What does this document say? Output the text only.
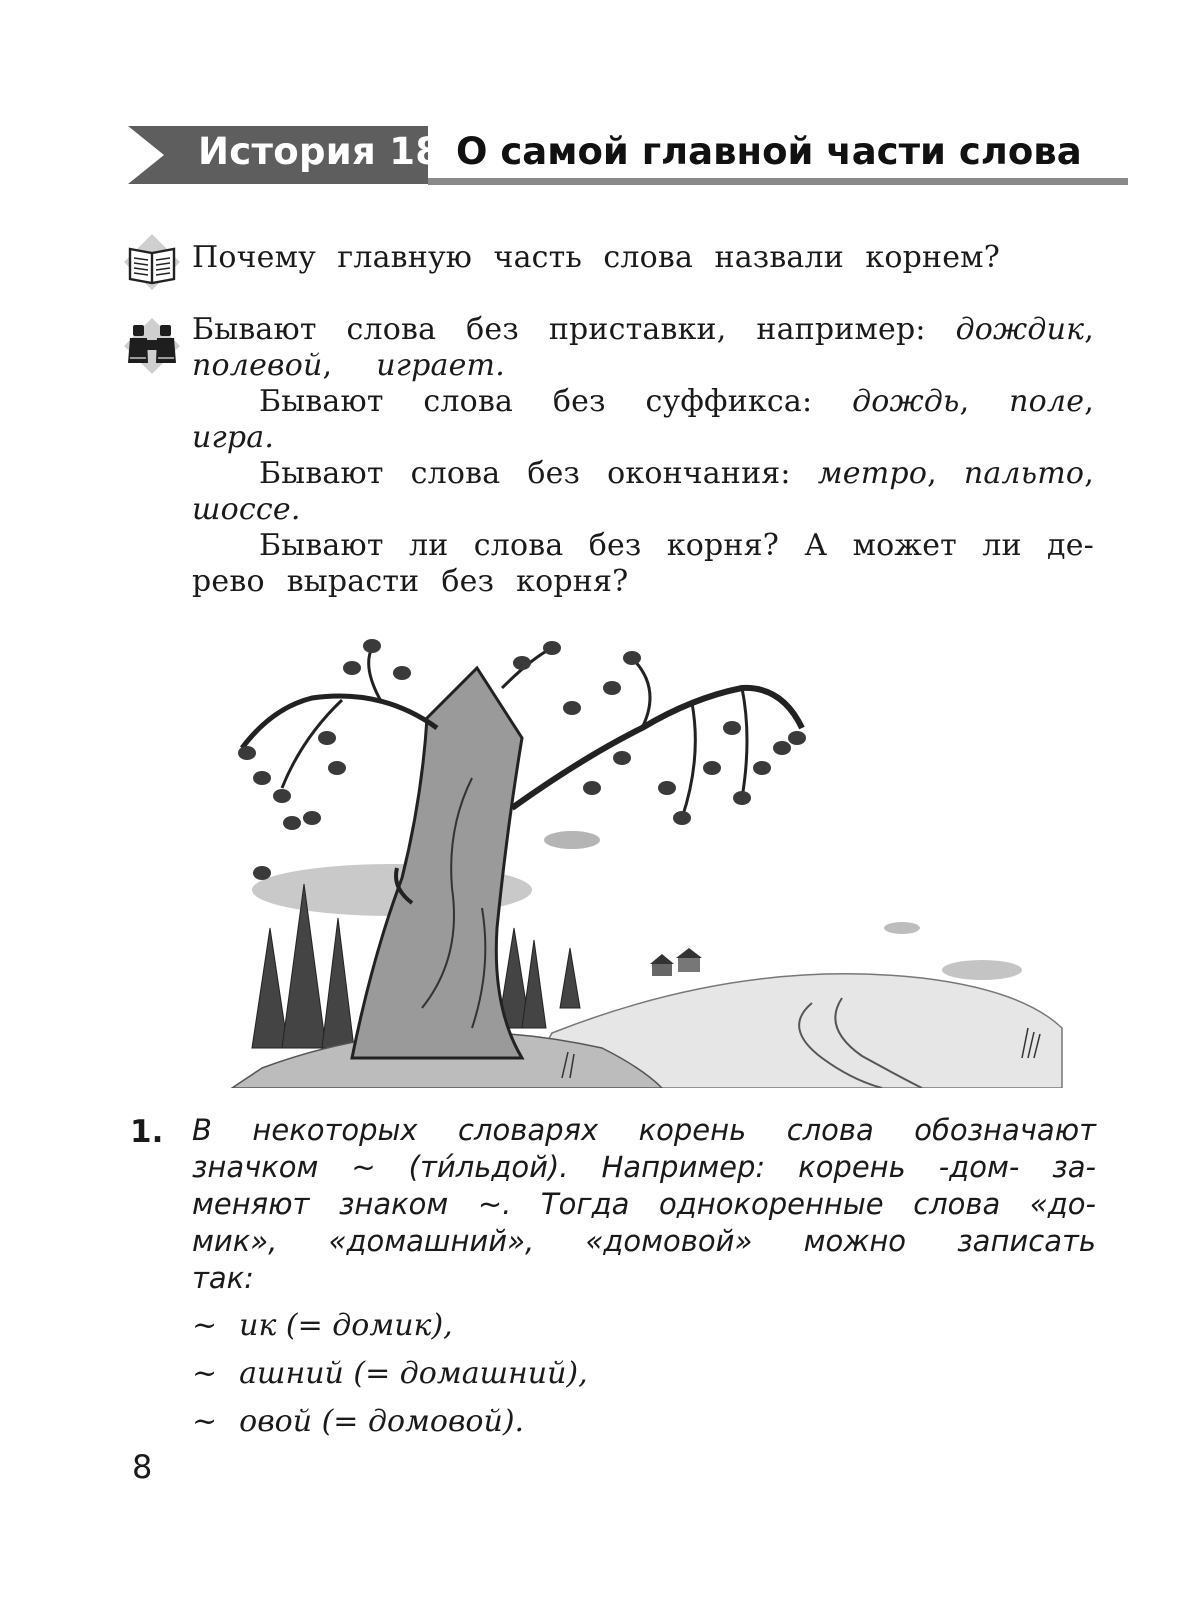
История 18 О самой главной части слова
Почему главную часть слова назвали корнем?
Бывают слова без приставки, например: дождик,
полевой,	играет.
Бывают слова без суффикса: дождь, поле,
игра.
Бывают слова без окончания: метро, пальто,
шоссе.
Бывают ли слова без корня? А может ли де-
рево вырасти без корня?
1. В некоторых словарях корень слова обозначают
значком ~ (ти́льдой). Например: корень -дом- за-
меняют знаком ~. Тогда однокоренные слова «до-
мик», «домашний», «домовой» можно записать
так:
~ ик (= домик),
~ ашний (= домашний),
~ овой (= домовой).
8
